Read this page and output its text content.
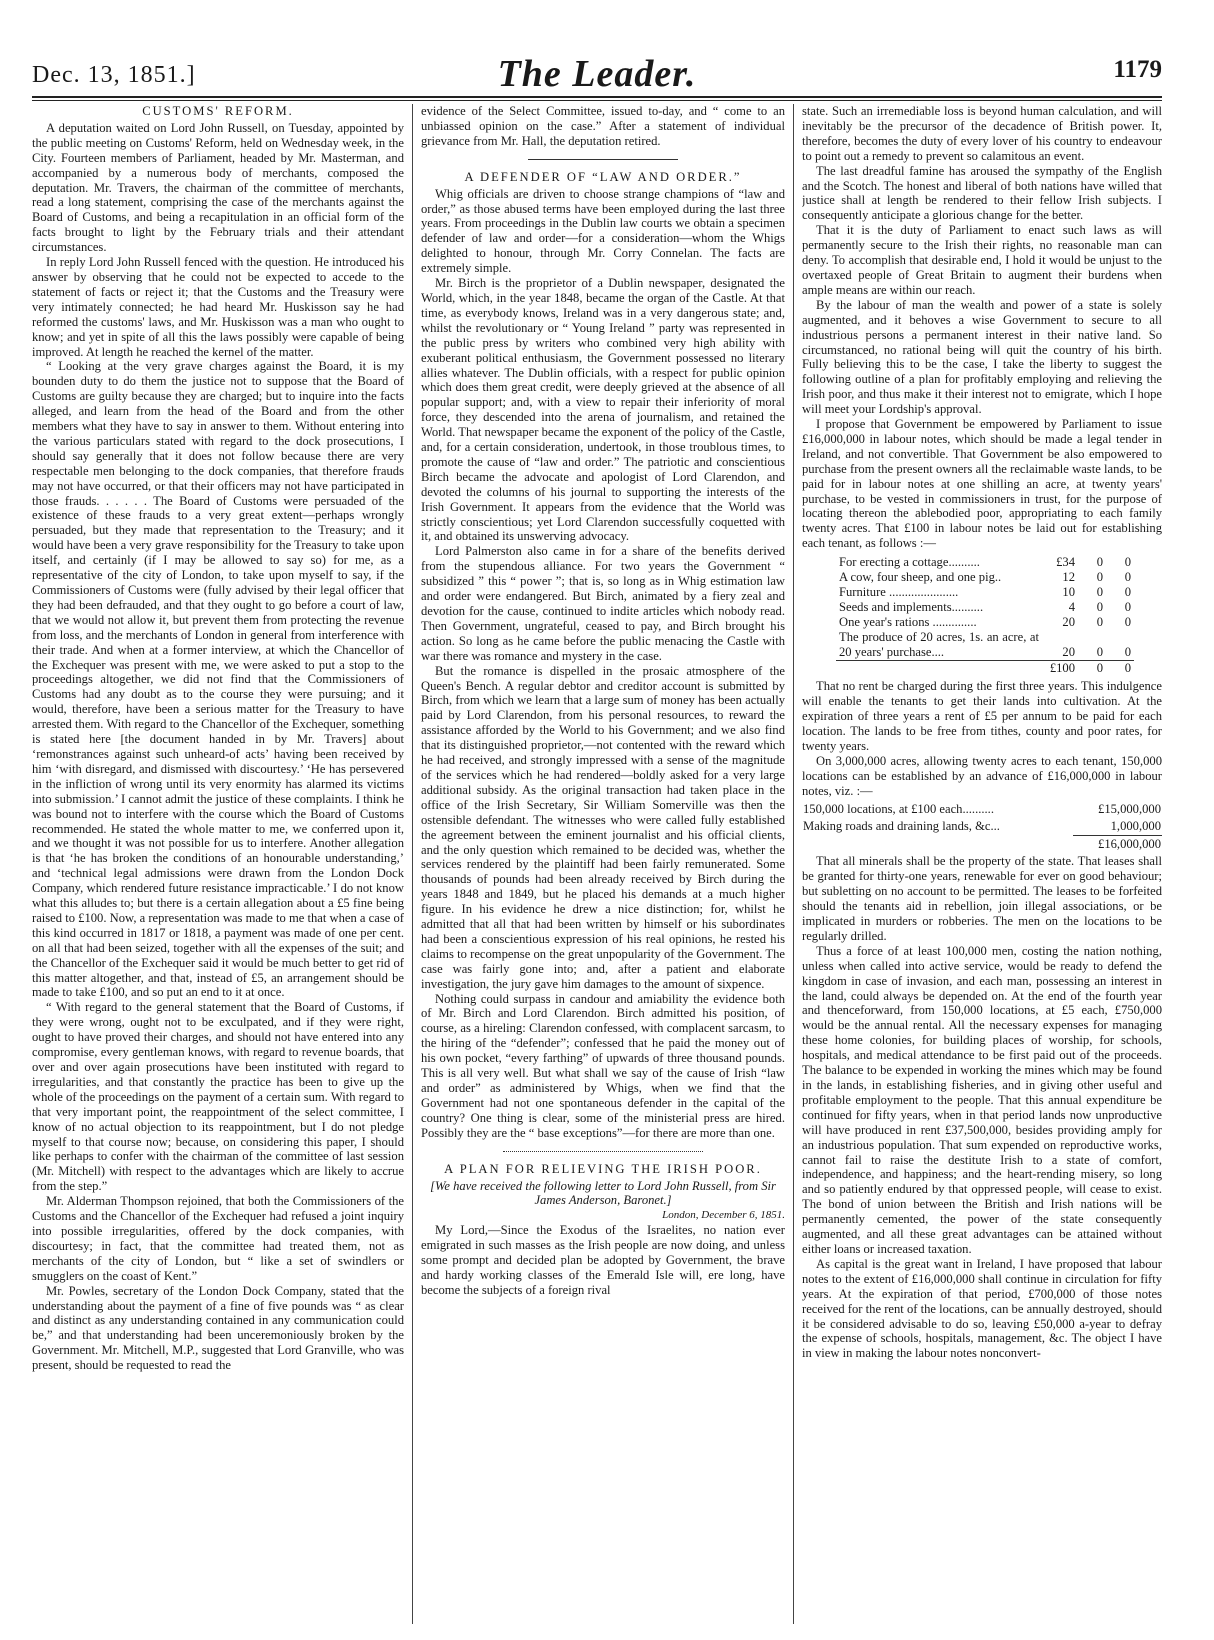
Dec. 13, 1851.]	The Leader.	1179
CUSTOMS' REFORM.

A deputation waited on Lord John Russell, on Tuesday, appointed by the public meeting on Customs' Reform, held on Wednesday week, in the City. Fourteen members of Parliament, headed by Mr. Masterman, and accompanied by a numerous body of merchants, composed the deputation. Mr. Travers, the chairman of the committee of merchants, read a long statement, comprising the case of the merchants against the Board of Customs, and being a recapitulation in an official form of the facts brought to light by the February trials and their attendant circumstances.

In reply Lord John Russell fenced with the question. He introduced his answer by observing that he could not be expected to accede to the statement of facts or reject it; that the Customs and the Treasury were very intimately connected; he had heard Mr. Huskisson say he had reformed the customs' laws, and Mr. Huskisson was a man who ought to know; and yet in spite of all this the laws possibly were capable of being improved. At length he reached the kernel of the matter.

“ Looking at the very grave charges against the Board, it is my bounden duty to do them the justice not to suppose that the Board of Customs are guilty because they are charged; but to inquire into the facts alleged, and learn from the head of the Board and from the other members what they have to say in answer to them. Without entering into the various particulars stated with regard to the dock prosecutions, I should say generally that it does not follow because there are very respectable men belonging to the dock companies, that therefore frauds may not have occurred, or that their officers may not have participated in those frauds. . . . . . The Board of Customs were persuaded of the existence of these frauds to a very great extent—perhaps wrongly persuaded, but they made that representation to the Treasury; and it would have been a very grave responsibility for the Treasury to take upon itself, and certainly (if I may be allowed to say so) for me, as a representative of the city of London, to take upon myself to say, if the Commissioners of Customs were (fully advised by their legal officer that they had been defrauded, and that they ought to go before a court of law, that we would not allow it, but prevent them from protecting the revenue from loss, and the merchants of London in general from interference with their trade. And when at a former interview, at which the Chancellor of the Exchequer was present with me, we were asked to put a stop to the proceedings altogether, we did not find that the Commissioners of Customs had any doubt as to the course they were pursuing; and it would, therefore, have been a serious matter for the Treasury to have arrested them. With regard to the Chancellor of the Exchequer, something is stated here [the document handed in by Mr. Travers] about ‘remonstrances against such unheard-of acts’ having been received by him ‘with disregard, and dismissed with discourtesy.’ ‘He has persevered in the infliction of wrong until its very enormity has alarmed its victims into submission.’ I cannot admit the justice of these complaints. I think he was bound not to interfere with the course which the Board of Customs recommended. He stated the whole matter to me, we conferred upon it, and we thought it was not possible for us to interfere. Another allegation is that ‘he has broken the conditions of an honourable understanding,’ and ‘technical legal admissions were drawn from the London Dock Company, which rendered future resistance impracticable.’ I do not know what this alludes to; but there is a certain allegation about a £5 fine being raised to £100. Now, a representation was made to me that when a case of this kind occurred in 1817 or 1818, a payment was made of one per cent. on all that had been seized, together with all the expenses of the suit; and the Chancellor of the Exchequer said it would be much better to get rid of this matter altogether, and that, instead of £5, an arrangement should be made to take £100, and so put an end to it at once.

“ With regard to the general statement that the Board of Customs, if they were wrong, ought not to be exculpated, and if they were right, ought to have proved their charges, and should not have entered into any compromise, every gentleman knows, with regard to revenue boards, that over and over again prosecutions have been instituted with regard to irregularities, and that constantly the practice has been to give up the whole of the proceedings on the payment of a certain sum. With regard to that very important point, the reappointment of the select committee, I know of no actual objection to its reappointment, but I do not pledge myself to that course now; because, on considering this paper, I should like perhaps to confer with the chairman of the committee of last session (Mr. Mitchell) with respect to the advantages which are likely to accrue from the step.”

Mr. Alderman Thompson rejoined, that both the Commissioners of the Customs and the Chancellor of the Exchequer had refused a joint inquiry into possible irregularities, offered by the dock companies, with discourtesy; in fact, that the committee had treated them, not as merchants of the city of London, but “ like a set of swindlers or smugglers on the coast of Kent.”

Mr. Powles, secretary of the London Dock Company, stated that the understanding about the payment of a fine of five pounds was “ as clear and distinct as any understanding contained in any communication could be,” and that understanding had been unceremoniously broken by the Government. Mr. Mitchell, M.P., suggested that Lord Granville, who was present, should be requested to read the

evidence of the Select Committee, issued to-day, and “ come to an unbiassed opinion on the case.” After a statement of individual grievance from Mr. Hall, the deputation retired.

A DEFENDER OF “LAW AND ORDER.”

Whig officials are driven to choose strange champions of “law and order,” as those abused terms have been employed during the last three years. From proceedings in the Dublin law courts we obtain a specimen defender of law and order—for a consideration—whom the Whigs delighted to honour, through Mr. Corry Connelan. The facts are extremely simple.

Mr. Birch is the proprietor of a Dublin newspaper, designated the World, which, in the year 1848, became the organ of the Castle. At that time, as everybody knows, Ireland was in a very dangerous state; and, whilst the revolutionary or “ Young Ireland ” party was represented in the public press by writers who combined very high ability with exuberant political enthusiasm, the Government possessed no literary allies whatever. The Dublin officials, with a respect for public opinion which does them great credit, were deeply grieved at the absence of all popular support; and, with a view to repair their inferiority of moral force, they descended into the arena of journalism, and retained the World. That newspaper became the exponent of the policy of the Castle, and, for a certain consideration, undertook, in those troublous times, to promote the cause of “law and order.” The patriotic and conscientious Birch became the advocate and apologist of Lord Clarendon, and devoted the columns of his journal to supporting the interests of the Irish Government. It appears from the evidence that the World was strictly conscientious; yet Lord Clarendon successfully coquetted with it, and obtained its unswerving advocacy.

Lord Palmerston also came in for a share of the benefits derived from the stupendous alliance. For two years the Government “ subsidized ” this “ power ”; that is, so long as in Whig estimation law and order were endangered. But Birch, animated by a fiery zeal and devotion for the cause, continued to indite articles which nobody read. Then Government, ungrateful, ceased to pay, and Birch brought his action. So long as he came before the public menacing the Castle with war there was romance and mystery in the case.

But the romance is dispelled in the prosaic atmosphere of the Queen's Bench. A regular debtor and creditor account is submitted by Birch, from which we learn that a large sum of money has been actually paid by Lord Clarendon, from his personal resources, to reward the assistance afforded by the World to his Government; and we also find that its distinguished proprietor,—not contented with the reward which he had received, and strongly impressed with a sense of the magnitude of the services which he had rendered—boldly asked for a very large additional subsidy. As the original transaction had taken place in the office of the Irish Secretary, Sir William Somerville was then the ostensible defendant. The witnesses who were called fully established the agreement between the eminent journalist and his official clients, and the only question which remained to be decided was, whether the services rendered by the plaintiff had been fairly remunerated. Some thousands of pounds had been already received by Birch during the years 1848 and 1849, but he placed his demands at a much higher figure. In his evidence he drew a nice distinction; for, whilst he admitted that all that had been written by himself or his subordinates had been a conscientious expression of his real opinions, he rested his claims to recompense on the great unpopularity of the Government. The case was fairly gone into; and, after a patient and elaborate investigation, the jury gave him damages to the amount of sixpence.

Nothing could surpass in candour and amiability the evidence both of Mr. Birch and Lord Clarendon. Birch admitted his position, of course, as a hireling: Clarendon confessed, with complacent sarcasm, to the hiring of the “defender”; confessed that he paid the money out of his own pocket, “every farthing” of upwards of three thousand pounds. This is all very well. But what shall we say of the cause of Irish “law and order” as administered by Whigs, when we find that the Government had not one spontaneous defender in the capital of the country? One thing is clear, some of the ministerial press are hired. Possibly they are the “ base exceptions”—for there are more than one.

A PLAN FOR RELIEVING THE IRISH POOR.

[We have received the following letter to Lord John Russell, from Sir James Anderson, Baronet.]

London, December 6, 1851.

My Lord,—Since the Exodus of the Israelites, no nation ever emigrated in such masses as the Irish people are now doing, and unless some prompt and decided plan be adopted by Government, the brave and hardy working classes of the Emerald Isle will, ere long, have become the subjects of a foreign rival

state. Such an irremediable loss is beyond human calculation, and will inevitably be the precursor of the decadence of British power. It, therefore, becomes the duty of every lover of his country to endeavour to point out a remedy to prevent so calamitous an event.

The last dreadful famine has aroused the sympathy of the English and the Scotch. The honest and liberal of both nations have willed that justice shall at length be rendered to their fellow Irish subjects. I consequently anticipate a glorious change for the better.

That it is the duty of Parliament to enact such laws as will permanently secure to the Irish their rights, no reasonable man can deny. To accomplish that desirable end, I hold it would be unjust to the overtaxed people of Great Britain to augment their burdens when ample means are within our reach.

By the labour of man the wealth and power of a state is solely augmented, and it behoves a wise Government to secure to all industrious persons a permanent interest in their native land. So circumstanced, no rational being will quit the country of his birth. Fully believing this to be the case, I take the liberty to suggest the following outline of a plan for profitably employing and relieving the Irish poor, and thus make it their interest not to emigrate, which I hope will meet your Lordship's approval.

I propose that Government be empowered by Parliament to issue £16,000,000 in labour notes, which should be made a legal tender in Ireland, and not convertible. That Government be also empowered to purchase from the present owners all the reclaimable waste lands, to be paid for in labour notes at one shilling an acre, at twenty years' purchase, to be vested in commissioners in trust, for the purpose of locating thereon the ablebodied poor, appropriating to each family twenty acres. That £100 in labour notes be laid out for establishing each tenant, as follows :—

For erecting a cottage..........	£34	0	0
A cow, four sheep, and one pig..	12	0	0
Furniture ......................	10	0	0
Seeds and implements..........	4	0	0
One year's rations ..............	20	0	0
The produce of 20 acres, 1s. an acre, at 20 years' purchase....	20	0	0
	£100	0	0

That no rent be charged during the first three years. This indulgence will enable the tenants to get their lands into cultivation. At the expiration of three years a rent of £5 per annum to be paid for each location. The lands to be free from tithes, county and poor rates, for twenty years.

On 3,000,000 acres, allowing twenty acres to each tenant, 150,000 locations can be established by an advance of £16,000,000 in labour notes, viz. :—

150,000 locations, at £100 each..........	£15,000,000
Making roads and draining lands, &c...	1,000,000
	£16,000,000

That all minerals shall be the property of the state. That leases shall be granted for thirty-one years, renewable for ever on good behaviour; but subletting on no account to be permitted. The leases to be forfeited should the tenants aid in rebellion, join illegal associations, or be implicated in murders or robberies. The men on the locations to be regularly drilled.

Thus a force of at least 100,000 men, costing the nation nothing, unless when called into active service, would be ready to defend the kingdom in case of invasion, and each man, possessing an interest in the land, could always be depended on. At the end of the fourth year and thenceforward, from 150,000 locations, at £5 each, £750,000 would be the annual rental. All the necessary expenses for managing these home colonies, for building places of worship, for schools, hospitals, and medical attendance to be first paid out of the proceeds. The balance to be expended in working the mines which may be found in the lands, in establishing fisheries, and in giving other useful and profitable employment to the people. That this annual expenditure be continued for fifty years, when in that period lands now unproductive will have produced in rent £37,500,000, besides providing amply for an industrious population. That sum expended on reproductive works, cannot fail to raise the destitute Irish to a state of comfort, independence, and happiness; and the heart-rending misery, so long and so patiently endured by that oppressed people, will cease to exist. The bond of union between the British and Irish nations will be permanently cemented, the power of the state consequently augmented, and all these great advantages can be attained without either loans or increased taxation.

As capital is the great want in Ireland, I have proposed that labour notes to the extent of £16,000,000 shall continue in circulation for fifty years. At the expiration of that period, £700,000 of those notes received for the rent of the locations, can be annually destroyed, should it be considered advisable to do so, leaving £50,000 a-year to defray the expense of schools, hospitals, management, &c. The object I have in view in making the labour notes nonconvert-
